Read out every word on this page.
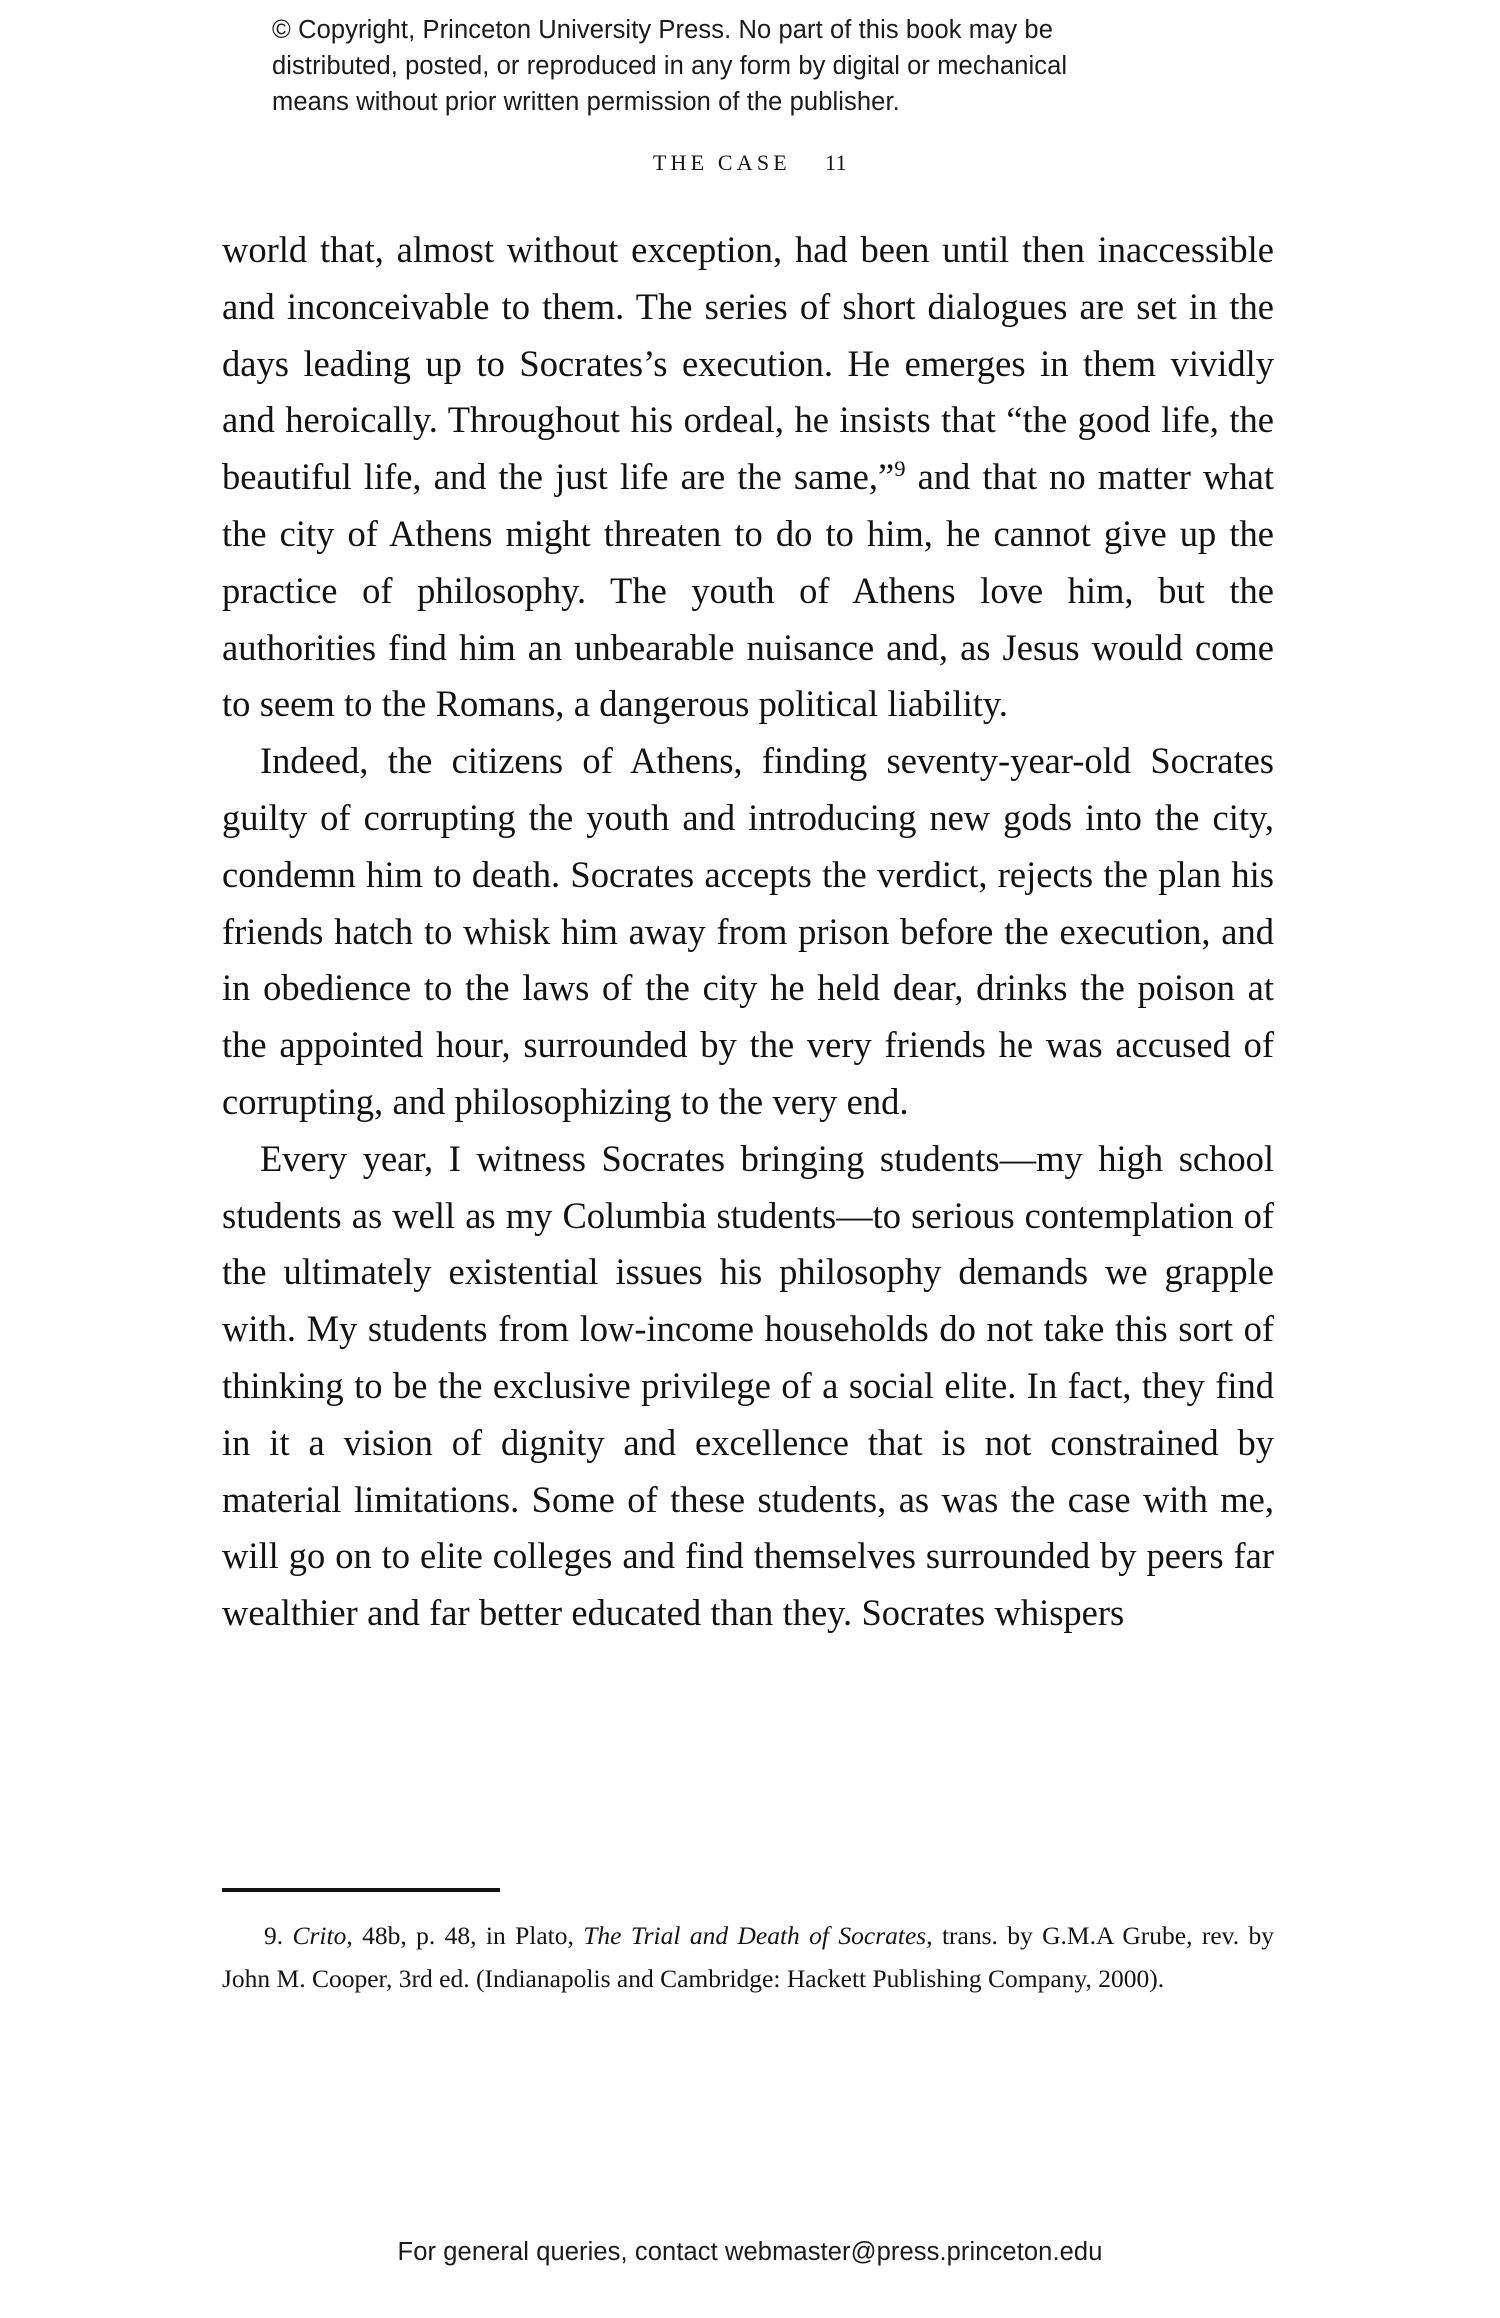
© Copyright, Princeton University Press. No part of this book may be
distributed, posted, or reproduced in any form by digital or mechanical
means without prior written permission of the publisher.
THE CASE 11

world that, almost without exception, had been until then inaccessible and inconceivable to them. The series of short dialogues are set in the days leading up to Socrates’s execution. He emerges in them vividly and heroically. Throughout his ordeal, he insists that “the good life, the beautiful life, and the just life are the same,”$^9$ and that no matter what the city of Athens might threaten to do to him, he cannot give up the practice of philosophy. The youth of Athens love him, but the authorities find him an unbearable nuisance and, as Jesus would come to seem to the Romans, a dangerous political liability.

Indeed, the citizens of Athens, finding seventy-year-old Socrates guilty of corrupting the youth and introducing new gods into the city, condemn him to death. Socrates accepts the verdict, rejects the plan his friends hatch to whisk him away from prison before the execution, and in obedience to the laws of the city he held dear, drinks the poison at the appointed hour, surrounded by the very friends he was accused of corrupting, and philosophizing to the very end.

Every year, I witness Socrates bringing students—my high school students as well as my Columbia students—to serious contemplation of the ultimately existential issues his philosophy demands we grapple with. My students from low-income households do not take this sort of thinking to be the exclusive privilege of a social elite. In fact, they find in it a vision of dignity and excellence that is not constrained by material limitations. Some of these students, as was the case with me, will go on to elite colleges and find themselves surrounded by peers far wealthier and far better educated than they. Socrates whispers

9. Crito, 48b, p. 48, in Plato, The Trial and Death of Socrates, trans. by G.M.A Grube, rev. by John M. Cooper, 3rd ed. (Indianapolis and Cambridge: Hackett Publishing Company, 2000).

For general queries, contact webmaster@press.princeton.edu
